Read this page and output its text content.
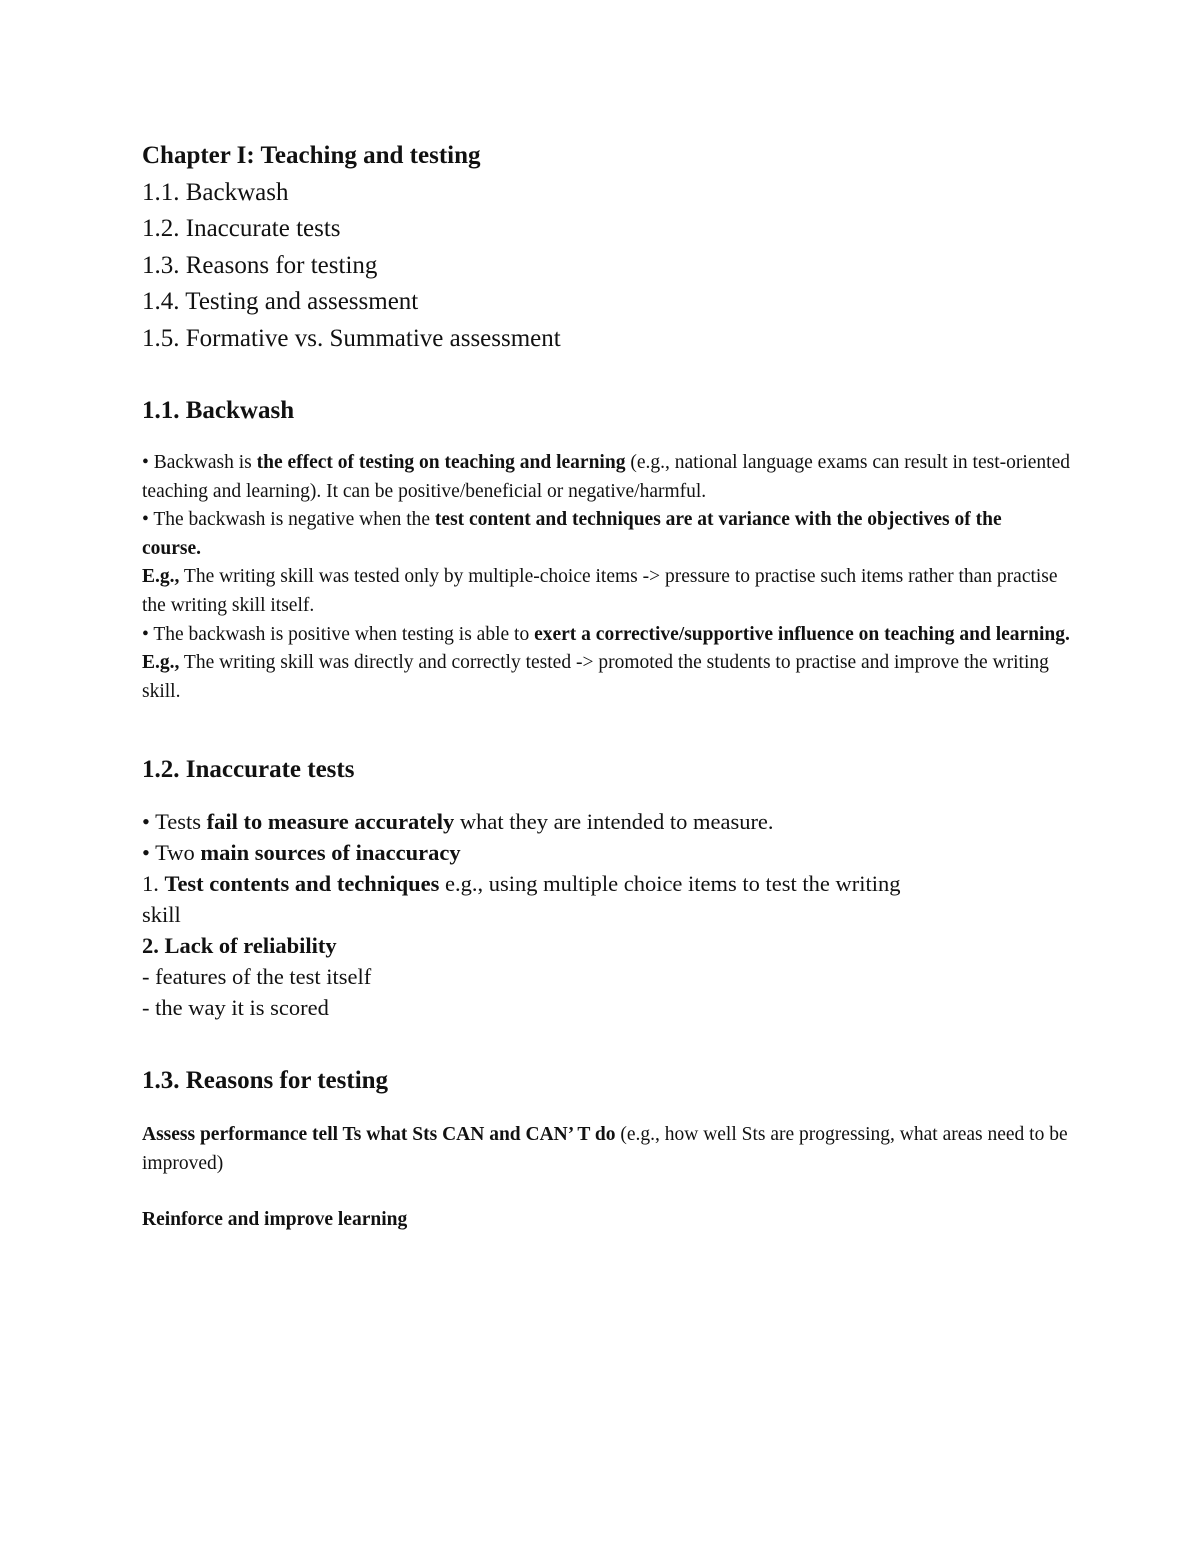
Chapter I: Teaching and testing

1.1. Backwash

1.2. Inaccurate tests

1.3. Reasons for testing

1.4. Testing and assessment

1.5. Formative vs. Summative assessment

1.1. Backwash

• Backwash is the effect of testing on teaching and learning (e.g., national language exams can result in test-oriented teaching and learning). It can be positive/beneficial or negative/harmful.

• The backwash is negative when the test content and techniques are at variance with the objectives of the
course.

E.g., The writing skill was tested only by multiple-choice items -> pressure to practise such items rather than practise the writing skill itself.

• The backwash is positive when testing is able to exert a corrective/supportive influence on teaching and learning.

E.g., The writing skill was directly and correctly tested -> promoted the students to practise and improve the writing skill.

1.2. Inaccurate tests

• Tests fail to measure accurately what they are intended to measure.

• Two main sources of inaccuracy

1. Test contents and techniques e.g., using multiple choice items to test the writing
skill

2. Lack of reliability

- features of the test itself

- the way it is scored

1.3. Reasons for testing

Assess performance tell Ts what Sts CAN and CAN’ T do (e.g., how well Sts are progressing, what areas need to be improved)

Reinforce and improve learning
